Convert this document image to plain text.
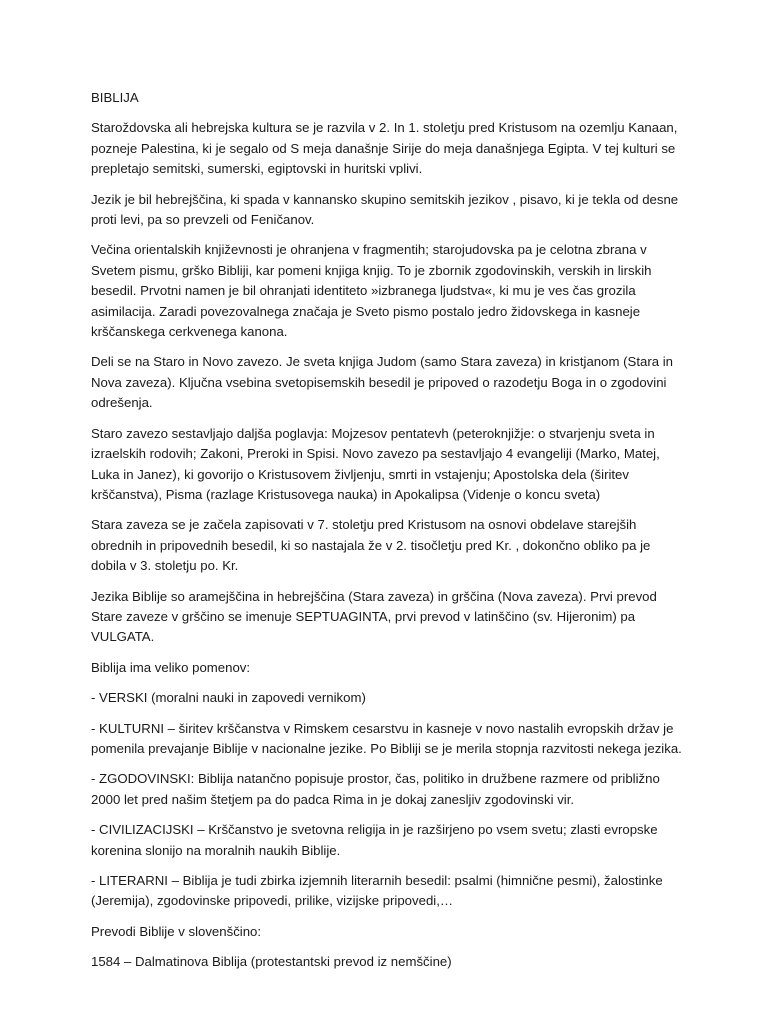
BIBLIJA
Staroždovska ali hebrejska kultura se je razvila v 2. In 1. stoletju pred Kristusom na ozemlju Kanaan, pozneje Palestina, ki je segalo od S meja današnje Sirije do meja današnjega Egipta. V tej kulturi se prepletajo semitski, sumerski, egiptovski in huritski vplivi.
Jezik je bil hebrejščina, ki spada v kannansko skupino semitskih jezikov , pisavo, ki je tekla od desne proti levi, pa so prevzeli od Feničanov.
Večina orientalskih književnosti je ohranjena v fragmentih; starojudovska pa je celotna zbrana v Svetem pismu, grško Bibliji, kar pomeni knjiga knjig. To je zbornik zgodovinskih, verskih in lirskih besedil. Prvotni namen je bil ohranjati identiteto »izbranega ljudstva«, ki mu je ves čas grozila asimilacija. Zaradi povezovalnega značaja je Sveto pismo postalo jedro židovskega in kasneje krščanskega cerkvenega kanona.
Deli se na Staro in Novo zavezo. Je sveta knjiga Judom (samo Stara zaveza) in kristjanom (Stara in Nova zaveza). Ključna vsebina svetopisemskih besedil je pripoved o razodetju Boga in o zgodovini odrešenja.
Staro zavezo sestavljajo daljša poglavja: Mojzesov pentatevh (peteroknjižje: o stvarjenju sveta in izraelskih rodovih; Zakoni, Preroki in Spisi. Novo zavezo pa sestavljajo 4 evangeliji (Marko, Matej, Luka in Janez), ki govorijo o Kristusovem življenju, smrti in vstajenju; Apostolska dela (širitev krščanstva), Pisma (razlage Kristusovega nauka) in Apokalipsa (Videnje o koncu sveta)
Stara zaveza se je začela zapisovati v 7. stoletju pred Kristusom na osnovi obdelave starejših obrednih in pripovednih besedil, ki so nastajala že v 2. tisočletju pred Kr. , dokončno obliko pa je dobila v 3. stoletju po. Kr.
Jezika Biblije so aramejščina in hebrejščina (Stara zaveza) in grščina (Nova zaveza). Prvi prevod Stare zaveze v grščino se imenuje SEPTUAGINTA, prvi prevod v latinščino (sv. Hijeronim) pa VULGATA.
Biblija ima veliko pomenov:
- VERSKI (moralni nauki in zapovedi vernikom)
- KULTURNI – širitev krščanstva v Rimskem cesarstvu in kasneje v novo nastalih evropskih držav je pomenila prevajanje Biblije v nacionalne jezike. Po Bibliji se je merila stopnja razvitosti nekega jezika.
- ZGODOVINSKI: Biblija natančno popisuje prostor, čas, politiko in družbene razmere od približno 2000 let pred našim štetjem pa do padca Rima in je dokaj zanesljiv zgodovinski vir.
- CIVILIZACIJSKI – Krščanstvo je svetovna religija in je razširjeno po vsem svetu; zlasti evropske korenina slonijo na moralnih naukih Biblije.
- LITERARNI – Biblija je tudi zbirka izjemnih literarnih besedil: psalmi (himnične pesmi), žalostinke (Jeremija), zgodovinske pripovedi, prilike, vizijske pripovedi,…
Prevodi Biblije v slovenščino:
1584 – Dalmatinova Biblija (protestantski prevod iz nemščine)
